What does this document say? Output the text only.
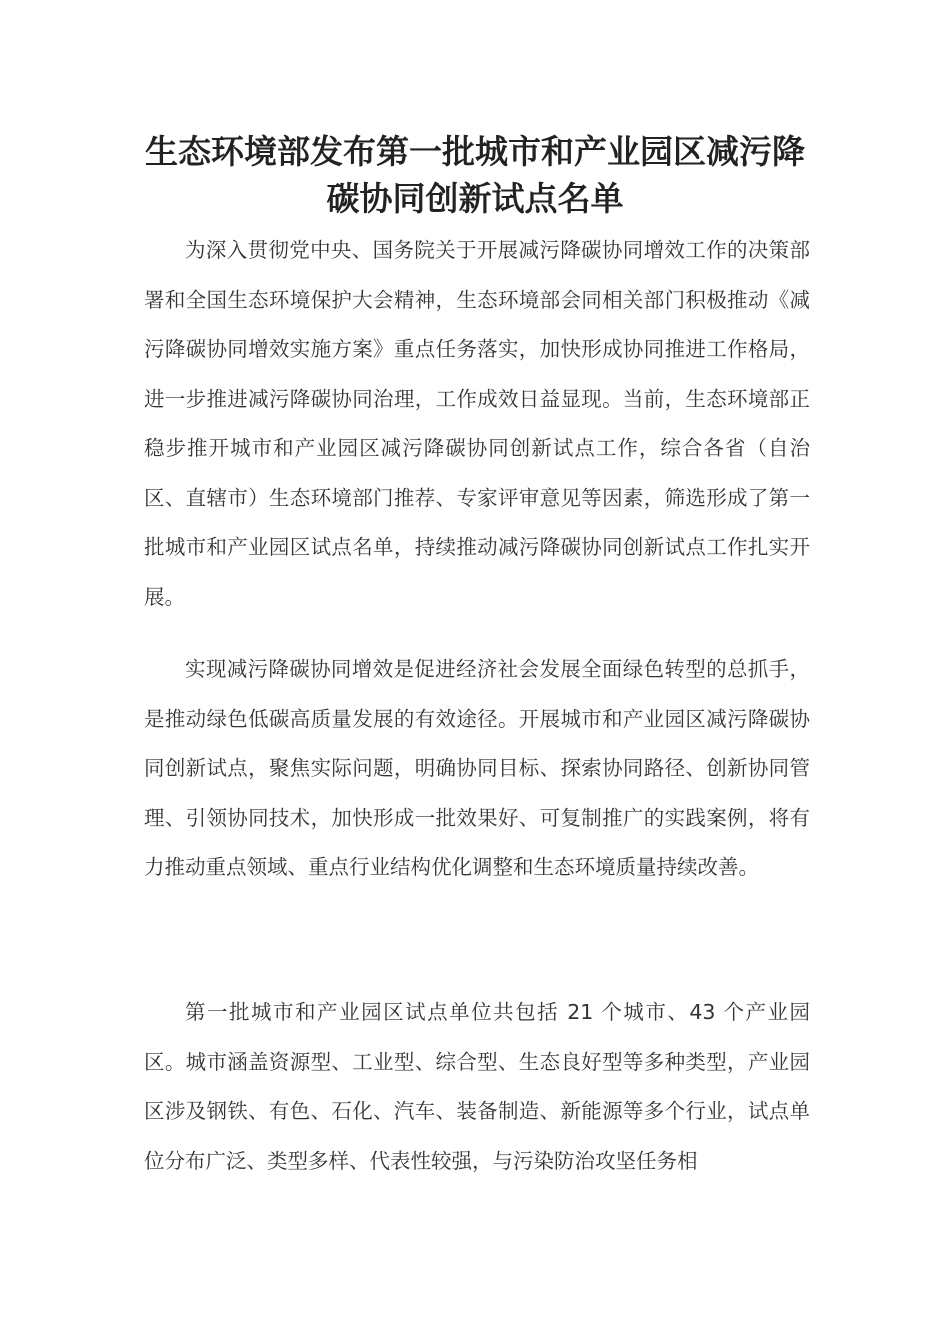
生态环境部发布第一批城市和产业园区减污降碳协同创新试点名单

为深入贯彻党中央、国务院关于开展减污降碳协同增效工作的决策部署和全国生态环境保护大会精神，生态环境部会同相关部门积极推动《减污降碳协同增效实施方案》重点任务落实，加快形成协同推进工作格局，进一步推进减污降碳协同治理，工作成效日益显现。当前，生态环境部正稳步推开城市和产业园区减污降碳协同创新试点工作，综合各省（自治区、直辖市）生态环境部门推荐、专家评审意见等因素，筛选形成了第一批城市和产业园区试点名单，持续推动减污降碳协同创新试点工作扎实开展。

实现减污降碳协同增效是促进经济社会发展全面绿色转型的总抓手，是推动绿色低碳高质量发展的有效途径。开展城市和产业园区减污降碳协同创新试点，聚焦实际问题，明确协同目标、探索协同路径、创新协同管理、引领协同技术，加快形成一批效果好、可复制推广的实践案例，将有力推动重点领域、重点行业结构优化调整和生态环境质量持续改善。

第一批城市和产业园区试点单位共包括 21 个城市、43 个产业园区。城市涵盖资源型、工业型、综合型、生态良好型等多种类型，产业园区涉及钢铁、有色、石化、汽车、装备制造、新能源等多个行业，试点单位分布广泛、类型多样、代表性较强，与污染防治攻坚任务相
